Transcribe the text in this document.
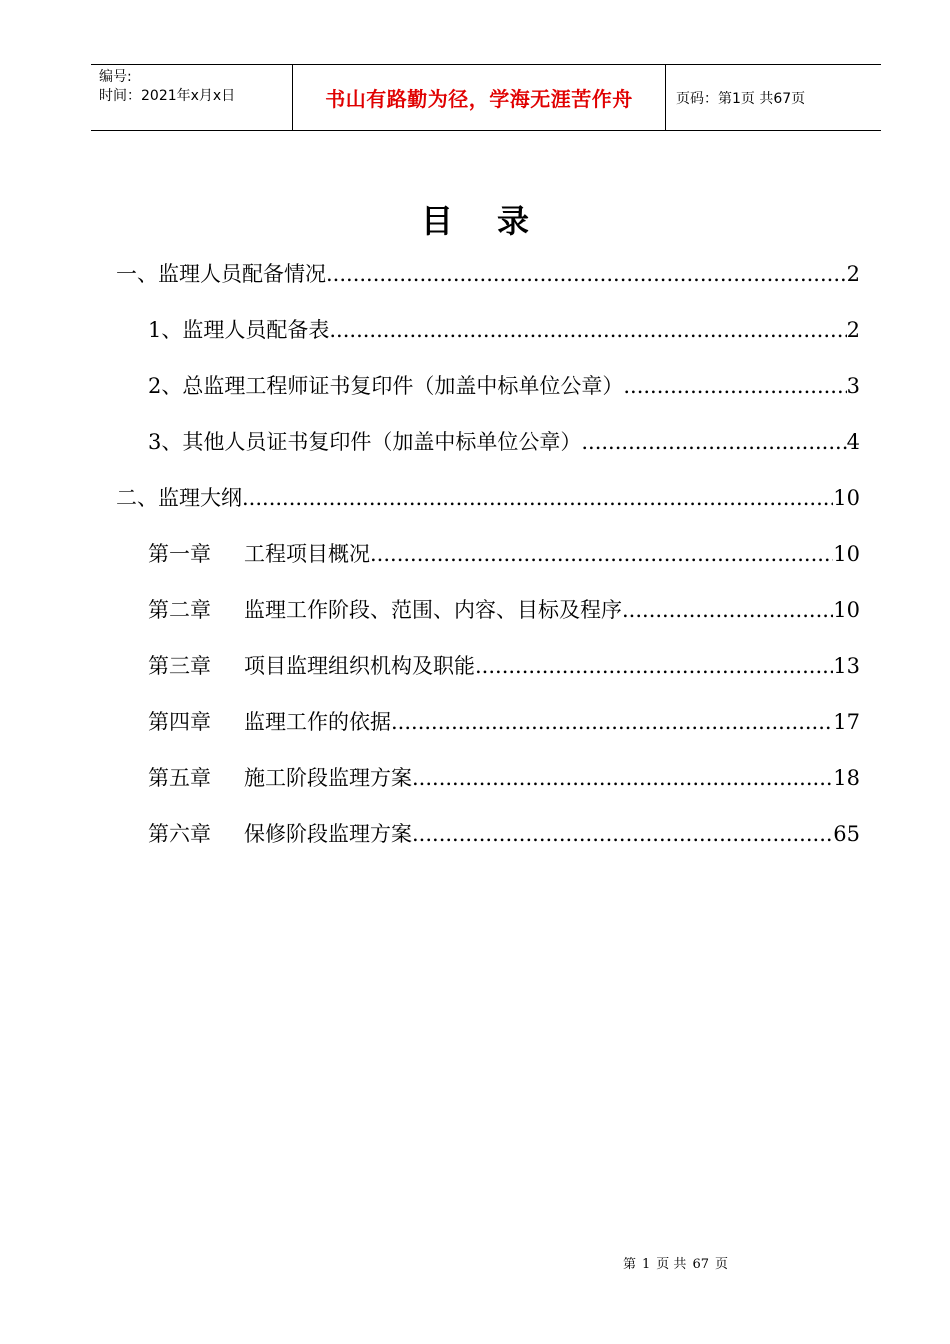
编号:
时间：2021年x月x日	书山有路勤为径，学海无涯苦作舟	页码：第1页 共67页
目录
一、监理人员配备情况 .....	2
1、监理人员配备表 .....	2
2、总监理工程师证书复印件（加盖中标单位公章） .....	3
3、其他人员证书复印件（加盖中标单位公章） .....	4
二、监理大纲 .....	10
第一章 工程项目概况 .....	10
第二章 监理工作阶段、范围、内容、目标及程序 .....	10
第三章 项目监理组织机构及职能 .....	13
第四章 监理工作的依据 .....	17
第五章 施工阶段监理方案 .....	18
第六章 保修阶段监理方案 .....	65
第 1 页 共 67 页
